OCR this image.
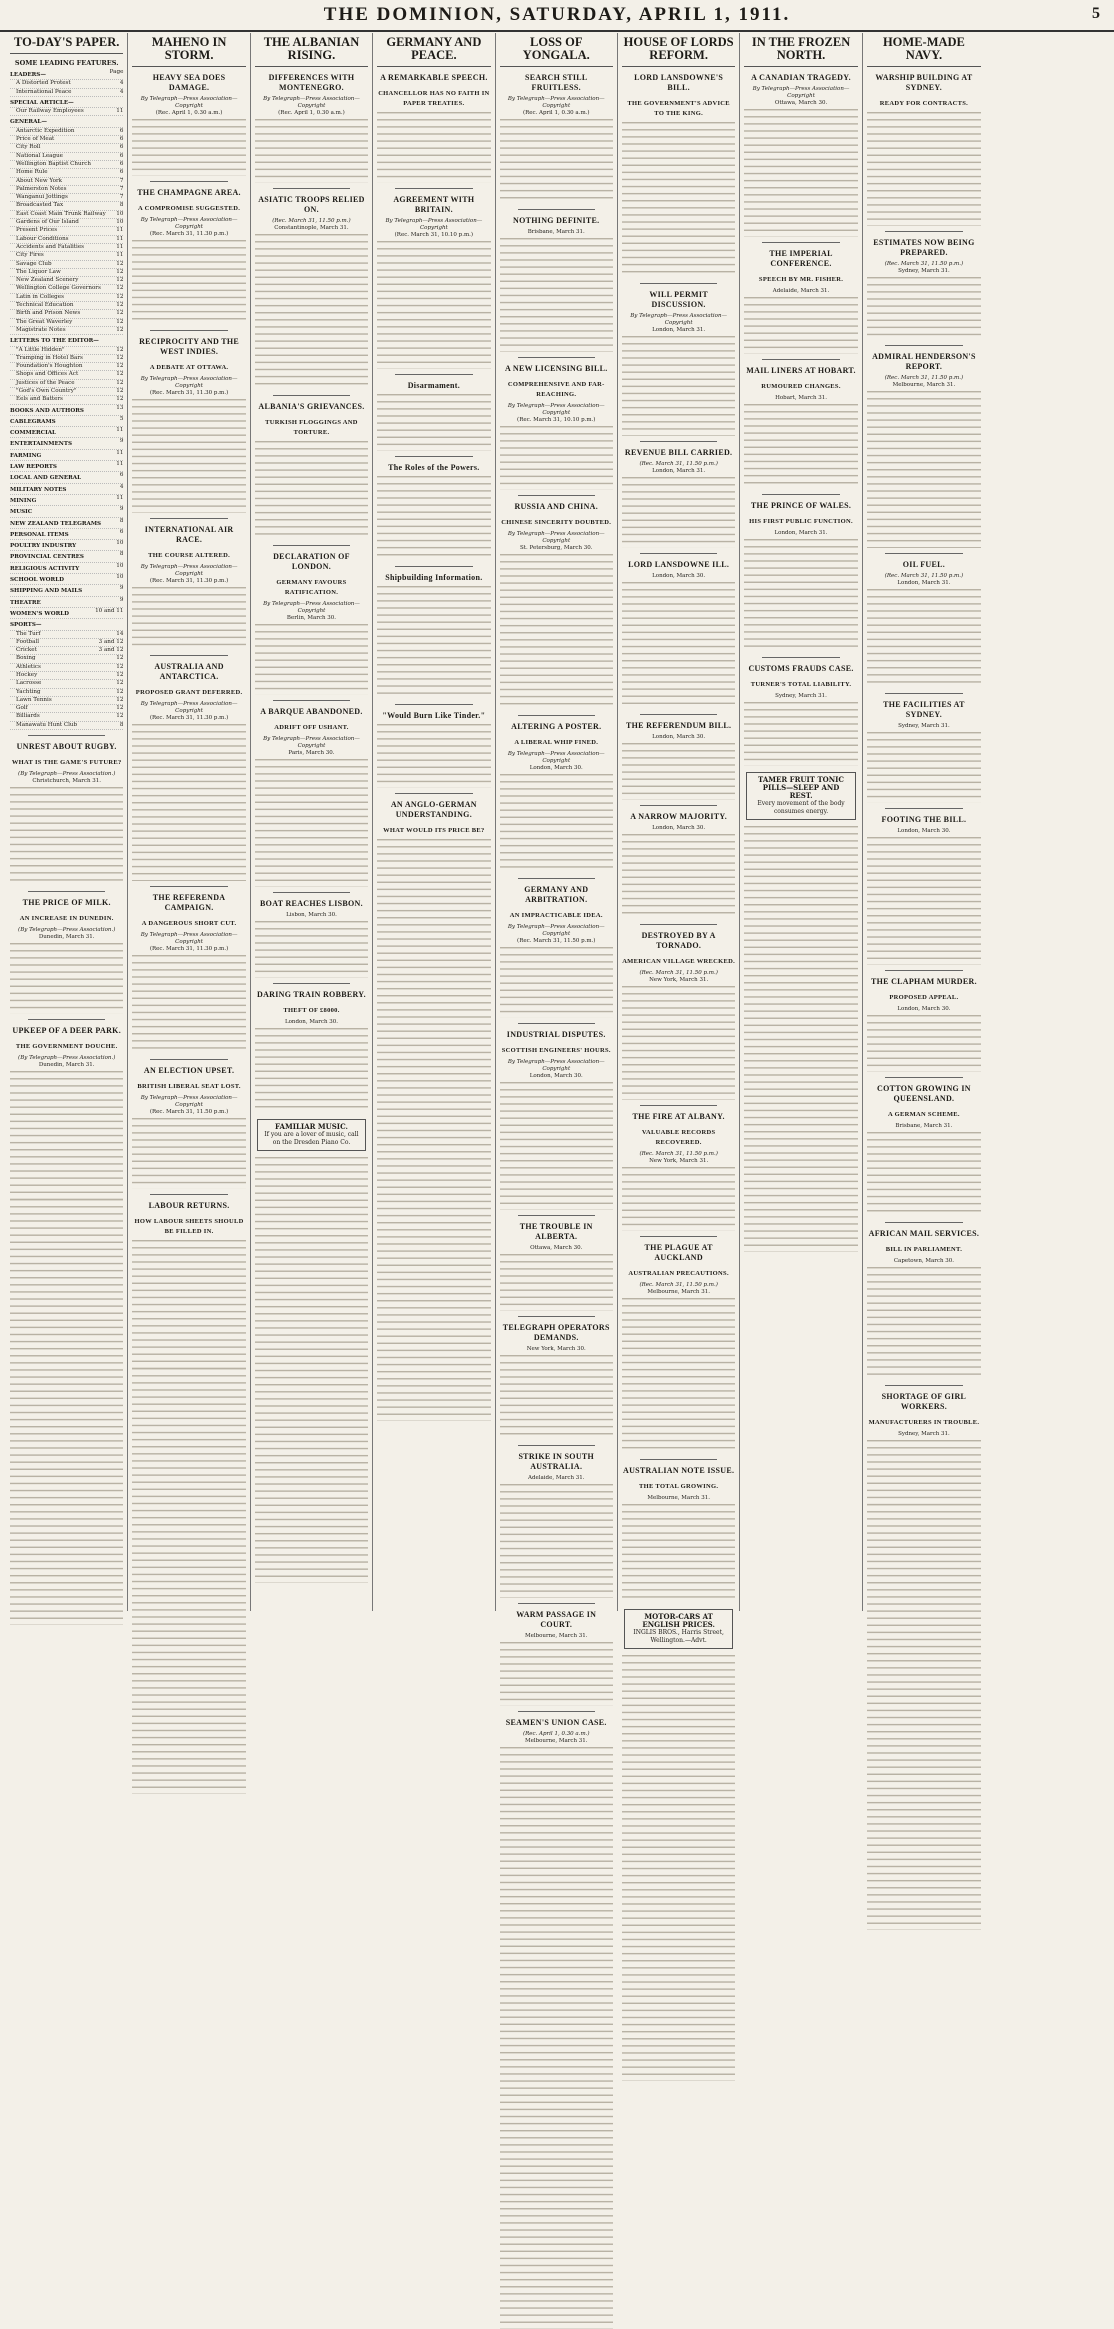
THE DOMINION, SATURDAY, APRIL 1, 1911.	5
TO-DAY'S PAPER.
SOME LEADING FEATURES.
LEADERS—	Page
A Distorted Protest	4
International Peace	4
SPECIAL ARTICLE—
Our Railway Employees	11
GENERAL—
Antarctic Expedition	6
Price of Meat	6
City Roll	6
National League	6
Wellington Baptist Church	6
Home Rule	6
About New York	7
Palmerston Notes	7
Wanganui Jottings	7
Broadcasted Tax	8
East Coast Main Trunk Railway 10
Gardens of Our Island	10
Present Prices	11
Labour Conditions	11
Accidents and Fatalities	11
City Fires	11
Savage Club	12
The Liquor Law	12
New Zealand Scenery	12
Wellington College Governors	12
Latin in Colleges	12
Technical Education	12
Birth and Prison News	12
The Great Waverley	12
Magistrate Notes	12
LETTERS TO THE EDITOR—
"A Little Hidden"	12
Tramping in Hotel Bars	12
Foundation's Houghton	12
Shops and Offices Act	12
Justices of the Peace	12
"God's Own Country"	12
Eels and Batters	12
BOOKS AND AUTHORS	13
CABLEGRAMS	5
COMMERCIAL	11
ENTERTAINMENTS	9
FARMING	11
LAW REPORTS	11
LOCAL AND GENERAL	6
MILITARY NOTES	4
MINING	11
MUSIC	9
NEW ZEALAND TELEGRAMS	8
PERSONAL ITEMS	6
POULTRY INDUSTRY	10
PROVINCIAL CENTRES	8
RELIGIOUS ACTIVITY	10
SCHOOL WORLD	10
SHIPPING AND MAILS	9
THEATRE	9
WOMEN'S WORLD	10 and 11
SPORTS—
The Turf	14
Football	3 and 12
Cricket	3 and 12
Boxing	12
Athletics	12
Hockey	12
Lacrosse	12
Yachting	12
Lawn Tennis	12
Golf	12
Billiards	12
Manawatu Hunt Club	8
UNREST ABOUT RUGBY.
WHAT IS THE GAME'S FUTURE?
(By Telegraph—Press Association.)
Christchurch, March 31.
THE PRICE OF MILK.
AN INCREASE IN DUNEDIN.
(By Telegraph—Press Association.)
Dunedin, March 31.
UPKEEP OF A DEER PARK.
THE GOVERNMENT DOUCHE.
(By Telegraph—Press Association.)
Dunedin, March 31.
MAHENO IN STORM.
HEAVY SEA DOES DAMAGE.
By Telegraph—Press Association—Copyright
(Rec. April 1, 0.30 a.m.)
THE CHAMPAGNE AREA.
A COMPROMISE SUGGESTED.
By Telegraph—Press Association—Copyright
(Rec. March 31, 11.30 p.m.)
RECIPROCITY AND THE WEST INDIES.
A DEBATE AT OTTAWA.
By Telegraph—Press Association—Copyright
(Rec. March 31, 11.30 p.m.)
INTERNATIONAL AIR RACE.
THE COURSE ALTERED.
By Telegraph—Press Association—Copyright
(Rec. March 31, 11.30 p.m.)
AUSTRALIA AND ANTARCTICA.
PROPOSED GRANT DEFERRED.
By Telegraph—Press Association—Copyright
(Rec. March 31, 11.30 p.m.)
THE REFERENDA CAMPAIGN.
A DANGEROUS SHORT CUT.
By Telegraph—Press Association—Copyright
(Rec. March 31, 11.30 p.m.)
AN ELECTION UPSET.
BRITISH LIBERAL SEAT LOST.
By Telegraph—Press Association—Copyright
(Rec. March 31, 11.50 p.m.)
LABOUR RETURNS.
HOW LABOUR SHEETS SHOULD BE FILLED IN.
THE ALBANIAN RISING.
DIFFERENCES WITH MONTENEGRO.
By Telegraph—Press Association—Copyright
(Rec. April 1, 0.30 a.m.)
ASIATIC TROOPS RELIED ON.
(Rec. March 31, 11.50 p.m.)
Constantinople, March 31.
ALBANIA'S GRIEVANCES.
TURKISH FLOGGINGS AND TORTURE.
DECLARATION OF LONDON.
GERMANY FAVOURS RATIFICATION.
By Telegraph—Press Association—Copyright
Berlin, March 30.
A BARQUE ABANDONED.
ADRIFT OFF USHANT.
By Telegraph—Press Association—Copyright
Paris, March 30.
BOAT REACHES LISBON.
Lisbon, March 30.
DARING TRAIN ROBBERY.
THEFT OF £8000.
London, March 30.
FAMILIAR MUSIC.
If you are a lover of music, call on the Dresden Piano Co.
GERMANY AND PEACE.
A REMARKABLE SPEECH.
CHANCELLOR HAS NO FAITH IN PAPER TREATIES.
AGREEMENT WITH BRITAIN.
By Telegraph—Press Association—Copyright
(Rec. March 31, 10.10 p.m.)
Disarmament.
The Roles of the Powers.
Shipbuilding Information.
"Would Burn Like Tinder."
AN ANGLO-GERMAN UNDERSTANDING.
WHAT WOULD ITS PRICE BE?
LOSS OF YONGALA.
SEARCH STILL FRUITLESS.
By Telegraph—Press Association—Copyright
(Rec. April 1, 0.30 a.m.)
NOTHING DEFINITE.
Brisbane, March 31.
A NEW LICENSING BILL.
COMPREHENSIVE AND FAR-REACHING.
By Telegraph—Press Association—Copyright
(Rec. March 31, 10.10 p.m.)
RUSSIA AND CHINA.
CHINESE SINCERITY DOUBTED.
By Telegraph—Press Association—Copyright
St. Petersburg, March 30.
ALTERING A POSTER.
A LIBERAL WHIP FINED.
By Telegraph—Press Association—Copyright
London, March 30.
GERMANY AND ARBITRATION.
AN IMPRACTICABLE IDEA.
By Telegraph—Press Association—Copyright
(Rec. March 31, 11.50 p.m.)
INDUSTRIAL DISPUTES.
SCOTTISH ENGINEERS' HOURS.
By Telegraph—Press Association—Copyright
London, March 30.
THE TROUBLE IN ALBERTA.
Ottawa, March 30.
TELEGRAPH OPERATORS DEMANDS.
New York, March 30.
STRIKE IN SOUTH AUSTRALIA.
Adelaide, March 31.
WARM PASSAGE IN COURT.
Melbourne, March 31.
SEAMEN'S UNION CASE.
(Rec. April 1, 0.30 a.m.)
Melbourne, March 31.
HOUSE OF LORDS REFORM.
LORD LANSDOWNE'S BILL.
THE GOVERNMENT'S ADVICE TO THE KING.
WILL PERMIT DISCUSSION.
By Telegraph—Press Association—Copyright
London, March 31.
REVENUE BILL CARRIED.
(Rec. March 31, 11.50 p.m.)
London, March 31.
LORD LANSDOWNE ILL.
London, March 30.
THE REFERENDUM BILL.
London, March 30.
A NARROW MAJORITY.
London, March 30.
DESTROYED BY A TORNADO.
AMERICAN VILLAGE WRECKED.
(Rec. March 31, 11.50 p.m.)
New York, March 31.
THE FIRE AT ALBANY.
VALUABLE RECORDS RECOVERED.
(Rec. March 31, 11.50 p.m.)
New York, March 31.
THE PLAGUE AT AUCKLAND
AUSTRALIAN PRECAUTIONS.
(Rec. March 31, 11.50 p.m.)
Melbourne, March 31.
AUSTRALIAN NOTE ISSUE.
THE TOTAL GROWING.
Melbourne, March 31.
MOTOR-CARS AT ENGLISH PRICES.
INGLIS BROS., Harris Street, Wellington.—Advt.
IN THE FROZEN NORTH.
A CANADIAN TRAGEDY.
By Telegraph—Press Association—Copyright
Ottawa, March 30.
THE IMPERIAL CONFERENCE.
SPEECH BY MR. FISHER.
Adelaide, March 31.
MAIL LINERS AT HOBART.
RUMOURED CHANGES.
Hobart, March 31.
THE PRINCE OF WALES.
HIS FIRST PUBLIC FUNCTION.
London, March 31.
CUSTOMS FRAUDS CASE.
TURNER'S TOTAL LIABILITY.
Sydney, March 31.
TAMER FRUIT TONIC PILLS—SLEEP AND REST.
Every movement of the body consumes energy.
HOME-MADE NAVY.
WARSHIP BUILDING AT SYDNEY.
READY FOR CONTRACTS.
ESTIMATES NOW BEING PREPARED.
(Rec. March 31, 11.50 p.m.)
Sydney, March 31.
ADMIRAL HENDERSON'S REPORT.
(Rec. March 31, 11.50 p.m.)
Melbourne, March 31.
OIL FUEL.
(Rec. March 31, 11.50 p.m.)
London, March 31.
THE FACILITIES AT SYDNEY.
Sydney, March 31.
FOOTING THE BILL.
London, March 30.
THE CLAPHAM MURDER.
PROPOSED APPEAL.
London, March 30.
COTTON GROWING IN QUEENSLAND.
A GERMAN SCHEME.
Brisbane, March 31.
AFRICAN MAIL SERVICES.
BILL IN PARLIAMENT.
Capetown, March 30.
SHORTAGE OF GIRL WORKERS.
MANUFACTURERS IN TROUBLE.
Sydney, March 31.
